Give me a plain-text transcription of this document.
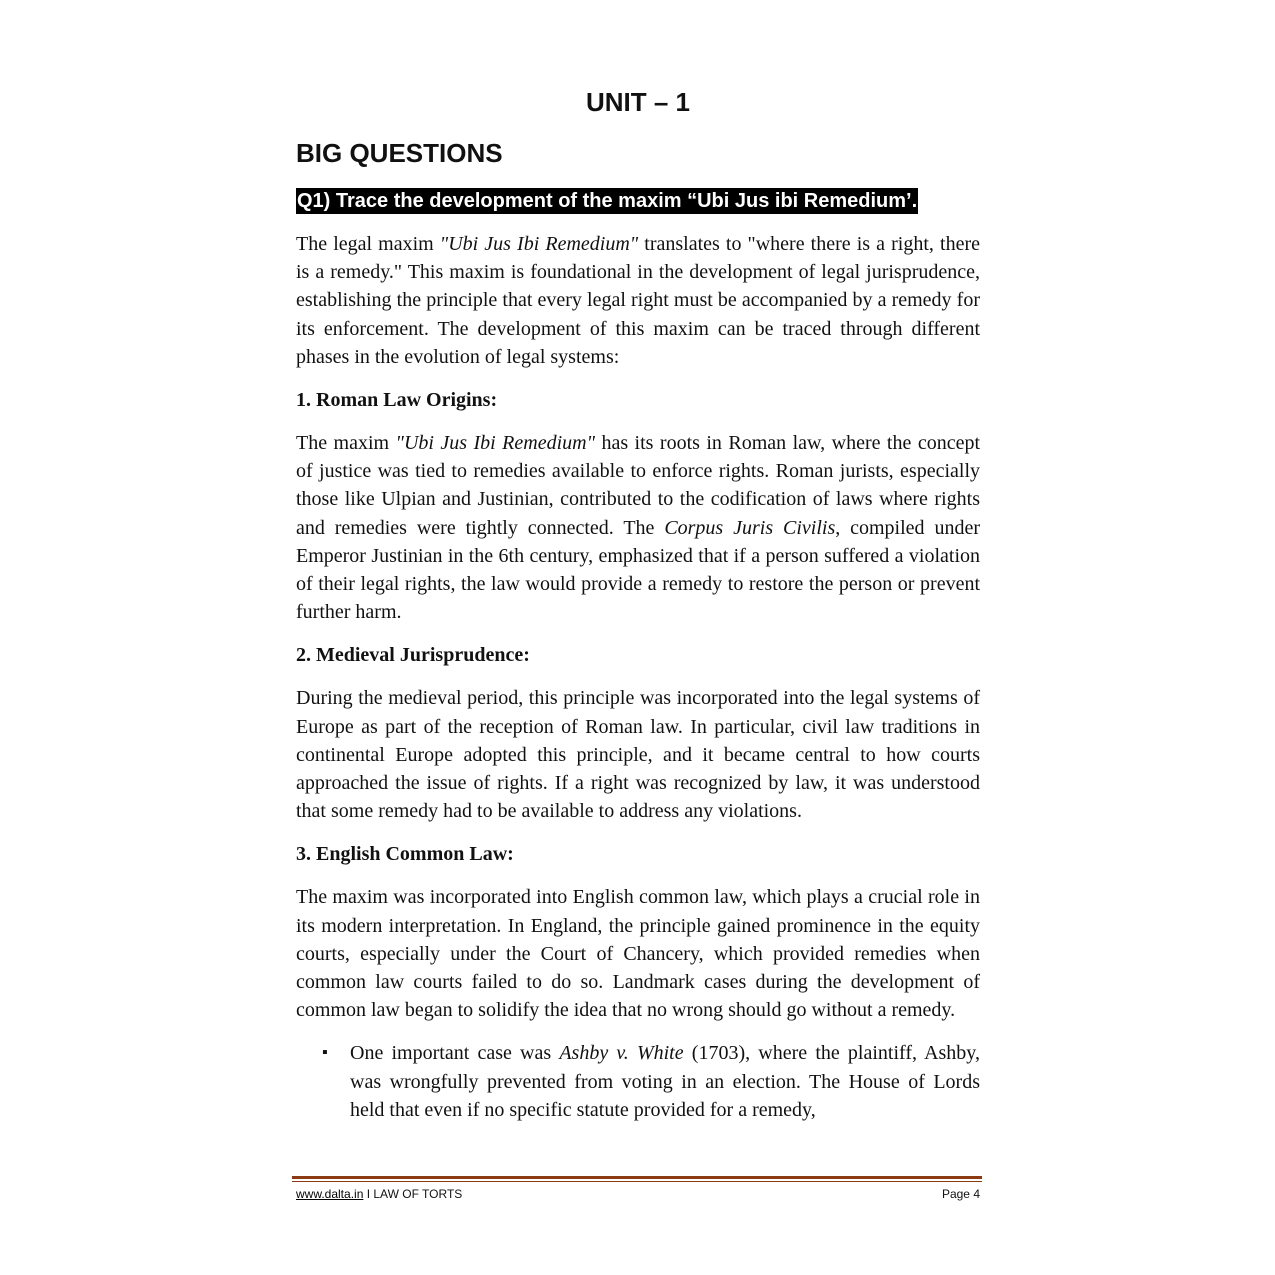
UNIT – 1
BIG QUESTIONS
Q1) Trace the development of the maxim “Ubi Jus ibi Remedium’.

The legal maxim "Ubi Jus Ibi Remedium" translates to "where there is a right, there is a remedy." This maxim is foundational in the development of legal jurisprudence, establishing the principle that every legal right must be accompanied by a remedy for its enforcement. The development of this maxim can be traced through different phases in the evolution of legal systems:

1. Roman Law Origins:

The maxim "Ubi Jus Ibi Remedium" has its roots in Roman law, where the concept of justice was tied to remedies available to enforce rights. Roman jurists, especially those like Ulpian and Justinian, contributed to the codification of laws where rights and remedies were tightly connected. The Corpus Juris Civilis, compiled under Emperor Justinian in the 6th century, emphasized that if a person suffered a violation of their legal rights, the law would provide a remedy to restore the person or prevent further harm.

2. Medieval Jurisprudence:

During the medieval period, this principle was incorporated into the legal systems of Europe as part of the reception of Roman law. In particular, civil law traditions in continental Europe adopted this principle, and it became central to how courts approached the issue of rights. If a right was recognized by law, it was understood that some remedy had to be available to address any violations.

3. English Common Law:

The maxim was incorporated into English common law, which plays a crucial role in its modern interpretation. In England, the principle gained prominence in the equity courts, especially under the Court of Chancery, which provided remedies when common law courts failed to do so. Landmark cases during the development of common law began to solidify the idea that no wrong should go without a remedy.

▪ One important case was Ashby v. White (1703), where the plaintiff, Ashby, was wrongfully prevented from voting in an election. The House of Lords held that even if no specific statute provided for a remedy,
www.dalta.in I LAW OF TORTS	Page 4
